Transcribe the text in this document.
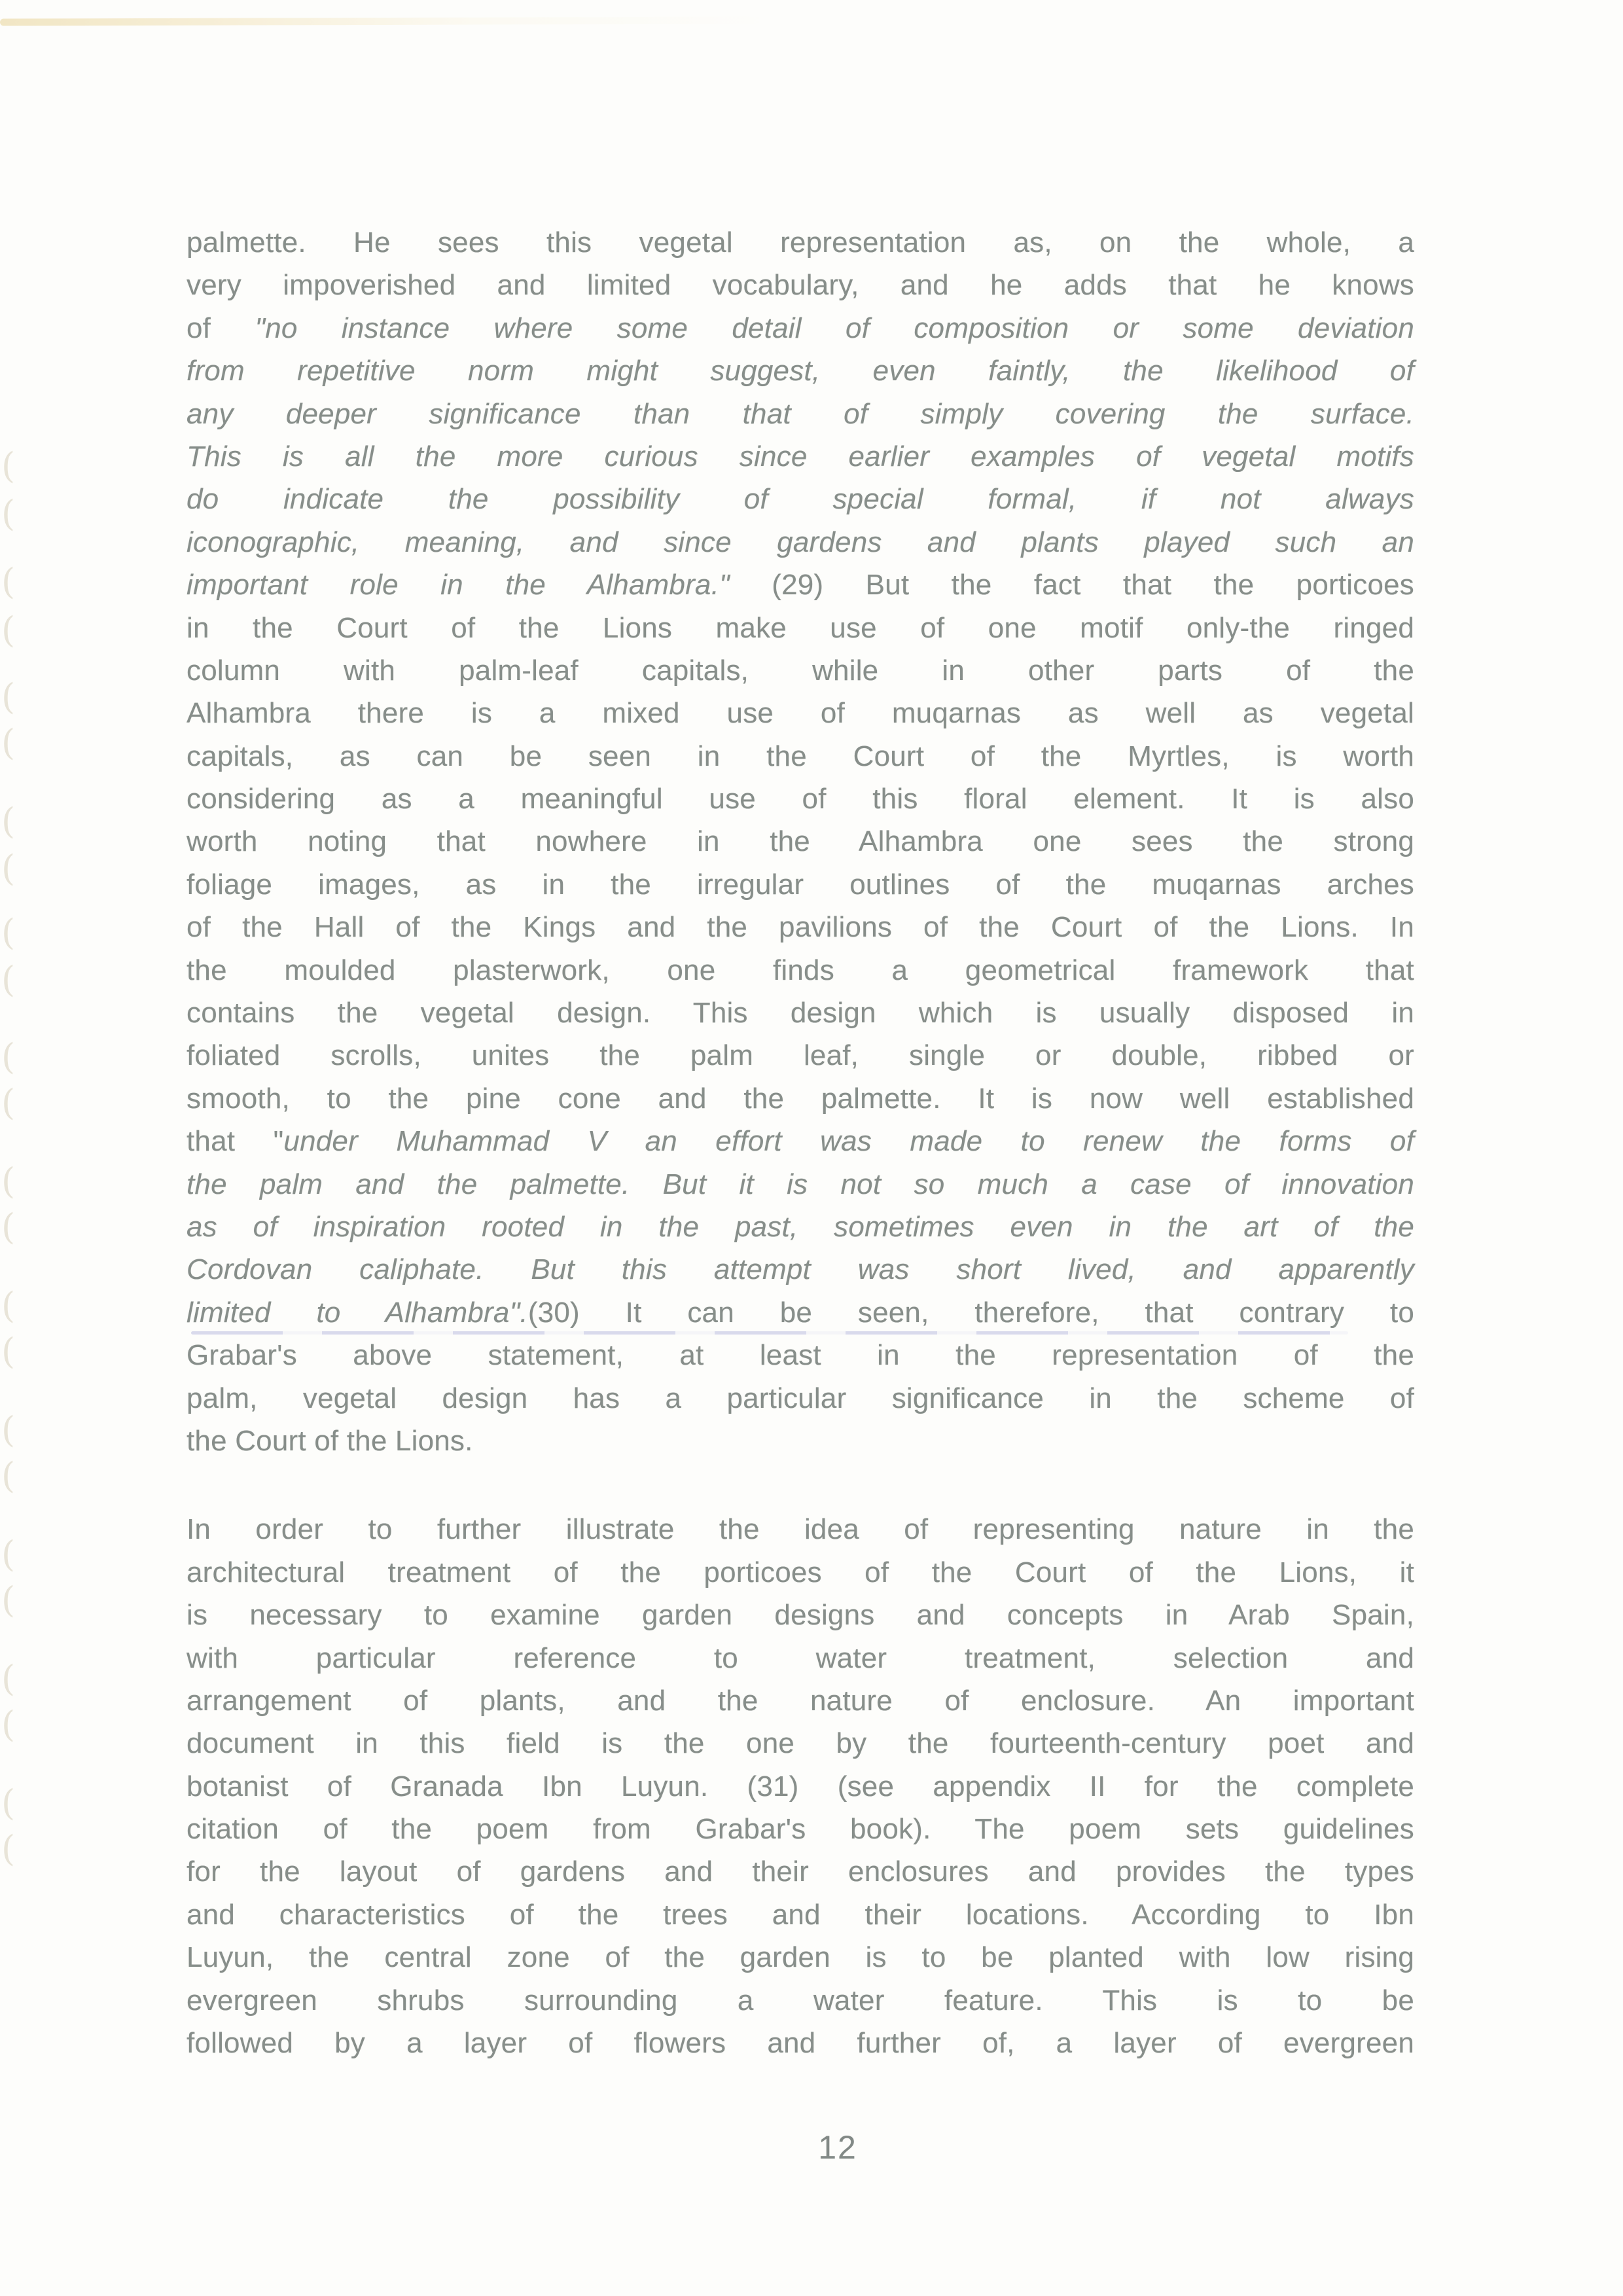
(
(
(
(
(
(
(
(
(
(
(
(
(
(
(
(
(
(
(
(
(
(
(
(
palmette. He sees this vegetal representation as, on the whole, a
very impoverished and limited vocabulary, and he adds that he knows
of "no instance where some detail of composition or some deviation
from repetitive norm might suggest, even faintly, the likelihood of
any deeper significance than that of simply covering the surface.
This is all the more curious since earlier examples of vegetal motifs
do indicate the possibility of special formal, if not always
iconographic, meaning, and since gardens and plants played such an
important role in the Alhambra." (29) But the fact that the porticoes
in the Court of the Lions make use of one motif only-the ringed
column with palm-leaf capitals, while in other parts of the
Alhambra there is a mixed use of muqarnas as well as vegetal
capitals, as can be seen in the Court of the Myrtles, is worth
considering as a meaningful use of this floral element. It is also
worth noting that nowhere in the Alhambra one sees the strong
foliage images, as in the irregular outlines of the muqarnas arches
of the Hall of the Kings and the pavilions of the Court of the Lions. In
the moulded plasterwork, one finds a geometrical framework that
contains the vegetal design. This design which is usually disposed in
foliated scrolls, unites the palm leaf, single or double, ribbed or
smooth, to the pine cone and the palmette. It is now well established
that "under Muhammad V an effort was made to renew the forms of
the palm and the palmette. But it is not so much a case of innovation
as of inspiration rooted in the past, sometimes even in the art of the
Cordovan caliphate. But this attempt was short lived, and apparently
limited to Alhambra".(30) It can be seen, therefore, that contrary to
Grabar's above statement, at least in the representation of the
palm, vegetal design has a particular significance in the scheme of
the Court of the Lions.
In order to further illustrate the idea of representing nature in the
architectural treatment of the porticoes of the Court of the Lions, it
is necessary to examine garden designs and concepts in Arab Spain,
with particular reference to water treatment, selection and
arrangement of plants, and the nature of enclosure. An important
document in this field is the one by the fourteenth-century poet and
botanist of Granada Ibn Luyun. (31) (see appendix II for the complete
citation of the poem from Grabar's book). The poem sets guidelines
for the layout of gardens and their enclosures and provides the types
and characteristics of the trees and their locations. According to Ibn
Luyun, the central zone of the garden is to be planted with low rising
evergreen shrubs surrounding a water feature. This is to be
followed by a layer of flowers and further of, a layer of evergreen
12
